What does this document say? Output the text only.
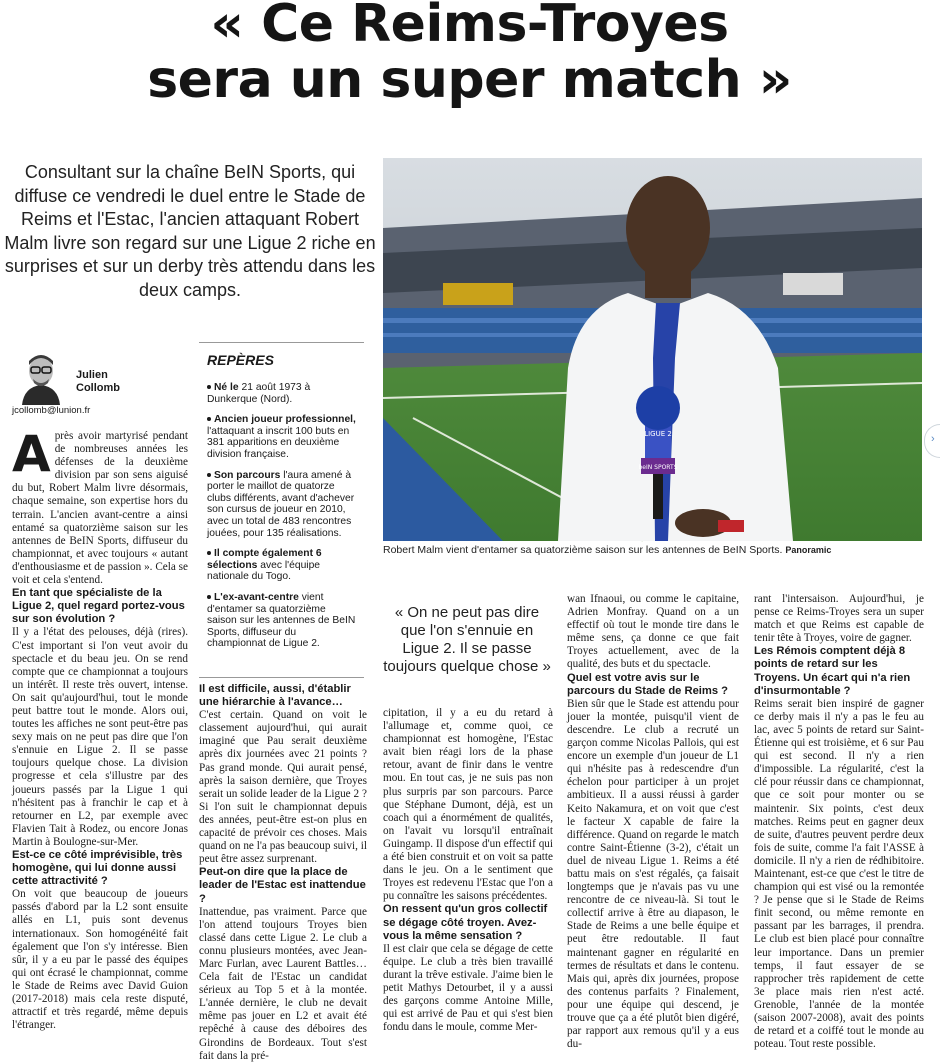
« Ce Reims-Troyes
sera un super match »
Consultant sur la chaîne BeIN Sports, qui diffuse ce vendredi le duel entre le Stade de Reims et l'Estac, l'ancien attaquant Robert Malm livre son regard sur une Ligue 2 riche en surprises et sur un derby très attendu dans les deux camps.
LIGUE 2
beIN SPORTS
Robert Malm vient d'entamer sa quatorzième saison sur les antennes de BeIN Sports. Panoramic
Julien
Collomb
jcollomb@lunion.fr
A près avoir martyrisé pendant de nombreuses années les défenses de la deuxième division par son sens aiguisé du but, Robert Malm livre désormais, chaque semaine, son expertise hors du terrain. L'ancien avant-centre a ainsi entamé sa quatorzième saison sur les antennes de BeIN Sports, diffuseur du championnat, et avec toujours « autant d'enthousiasme et de passion ». Cela se voit et cela s'entend.

En tant que spécialiste de la Ligue 2, quel regard portez-vous sur son évolution ?

Il y a l'état des pelouses, déjà (rires). C'est important si l'on veut avoir du spectacle et du beau jeu. On se rend compte que ce championnat a toujours un intérêt. Il reste très ouvert, intense. On sait qu'aujourd'hui, tout le monde peut battre tout le monde. Alors oui, toutes les affiches ne sont peut-être pas sexy mais on ne peut pas dire que l'on s'ennuie en Ligue 2. Il se passe toujours quelque chose. La division progresse et cela s'illustre par des joueurs passés par la Ligue 1 qui n'hésitent pas à franchir le cap et à retourner en L2, par exemple avec Flavien Tait à Rodez, ou encore Jonas Martin à Boulogne-sur-Mer.

Est-ce ce côté imprévisible, très homogène, qui lui donne aussi cette attractivité ?

On voit que beaucoup de joueurs passés d'abord par la L2 sont ensuite allés en L1, puis sont devenus internationaux. Son homogénéité fait également que l'on s'y intéresse. Bien sûr, il y a eu par le passé des équipes qui ont écrasé le championnat, comme le Stade de Reims avec David Guion (2017-2018) mais cela reste disputé, attractif et très regardé, même depuis l'étranger.

REPÈRES
Né le 21 août 1973 à Dunkerque (Nord).
Ancien joueur professionnel, l'attaquant a inscrit 100 buts en 381 apparitions en deuxième division française.
Son parcours l'aura amené à porter le maillot de quatorze clubs différents, avant d'achever son cursus de joueur en 2010, avec un total de 483 rencontres jouées, pour 135 réalisations.
Il compte également 6 sélections avec l'équipe nationale du Togo.
L'ex-avant-centre vient d'entamer sa quatorzième saison sur les antennes de BeIN Sports, diffuseur du championnat de Ligue 2.

Il est difficile, aussi, d'établir une hiérarchie à l'avance…

C'est certain. Quand on voit le classement aujourd'hui, qui aurait imaginé que Pau serait deuxième après dix journées avec 21 points ? Pas grand monde. Qui aurait pensé, après la saison dernière, que Troyes serait un solide leader de la Ligue 2 ? Si l'on suit le championnat depuis des années, peut-être est-on plus en capacité de prévoir ces choses. Mais quand on ne l'a pas beaucoup suivi, il peut être assez surprenant.

Peut-on dire que la place de leader de l'Estac est inattendue ?

Inattendue, pas vraiment. Parce que l'on attend toujours Troyes bien classé dans cette Ligue 2. Le club a connu plusieurs montées, avec Jean-Marc Furlan, avec Laurent Battles… Cela fait de l'Estac un candidat sérieux au Top 5 et à la montée. L'année dernière, le club ne devait même pas jouer en L2 et avait été repêché à cause des déboires des Girondins de Bordeaux. Tout s'est fait dans la pré-

« On ne peut pas dire que l'on s'ennuie en Ligue 2. Il se passe toujours quelque chose »

cipitation, il y a eu du retard à l'allumage et, comme quoi, ce championnat est homogène, l'Estac avait bien réagi lors de la phase retour, avant de finir dans le ventre mou. En tout cas, je ne suis pas non plus surpris par son parcours. Parce que Stéphane Dumont, déjà, est un coach qui a énormément de qualités, on l'avait vu lorsqu'il entraînait Guingamp. Il dispose d'un effectif qui a été bien construit et on voit sa patte dans le jeu. On a le sentiment que Troyes est redevenu l'Estac que l'on a pu connaître les saisons précédentes.

On ressent qu'un gros collectif se dégage côté troyen. Avez-vous la même sensation ?

Il est clair que cela se dégage de cette équipe. Le club a très bien travaillé durant la trêve estivale. J'aime bien le petit Mathys Detourbet, il y a aussi des garçons comme Antoine Mille, qui est arrivé de Pau et qui s'est bien fondu dans le moule, comme Mer-

wan Ifnaoui, ou comme le capitaine, Adrien Monfray. Quand on a un effectif où tout le monde tire dans le même sens, ça donne ce que fait Troyes actuellement, avec de la qualité, des buts et du spectacle.

Quel est votre avis sur le parcours du Stade de Reims ?

Bien sûr que le Stade est attendu pour jouer la montée, puisqu'il vient de descendre. Le club a recruté un garçon comme Nicolas Pallois, qui est encore un exemple d'un joueur de L1 qui n'hésite pas à redescendre d'un échelon pour participer à un projet ambitieux. Il a aussi réussi à garder Keito Nakamura, et on voit que c'est le facteur X capable de faire la différence. Quand on regarde le match contre Saint-Étienne (3-2), c'était un duel de niveau Ligue 1. Reims a été battu mais on s'est régalés, ça faisait longtemps que je n'avais pas vu une rencontre de ce niveau-là. Si tout le collectif arrive à être au diapason, le Stade de Reims a une belle équipe et peut être redoutable. Il faut maintenant gagner en régularité en termes de résultats et dans le contenu. Mais qui, après dix journées, propose des contenus parfaits ? Finalement, pour une équipe qui descend, je trouve que ça a été plutôt bien digéré, par rapport aux remous qu'il y a eus du-

rant l'intersaison. Aujourd'hui, je pense ce Reims-Troyes sera un super match et que Reims est capable de tenir tête à Troyes, voire de gagner.

Les Rémois comptent déjà 8 points de retard sur les Troyens. Un écart qui n'a rien d'insurmontable ?

Reims serait bien inspiré de gagner ce derby mais il n'y a pas le feu au lac, avec 5 points de retard sur Saint-Étienne qui est troisième, et 6 sur Pau qui est second. Il n'y a rien d'impossible. La régularité, c'est la clé pour réussir dans ce championnat, que ce soit pour monter ou se maintenir. Six points, c'est deux matches. Reims peut en gagner deux de suite, d'autres peuvent perdre deux fois de suite, comme l'a fait l'ASSE à domicile. Il n'y a rien de rédhibitoire. Maintenant, est-ce que c'est le titre de champion qui est visé ou la remontée ? Je pense que si le Stade de Reims finit second, ou même remonte en passant par les barrages, il prendra. Le club est bien placé pour connaître leur importance. Dans un premier temps, il faut essayer de se rapprocher très rapidement de cette 3e place mais rien n'est acté. Grenoble, l'année de la montée (saison 2007-2008), avait des points de retard et a coiffé tout le monde au poteau. Tout reste possible.

›
